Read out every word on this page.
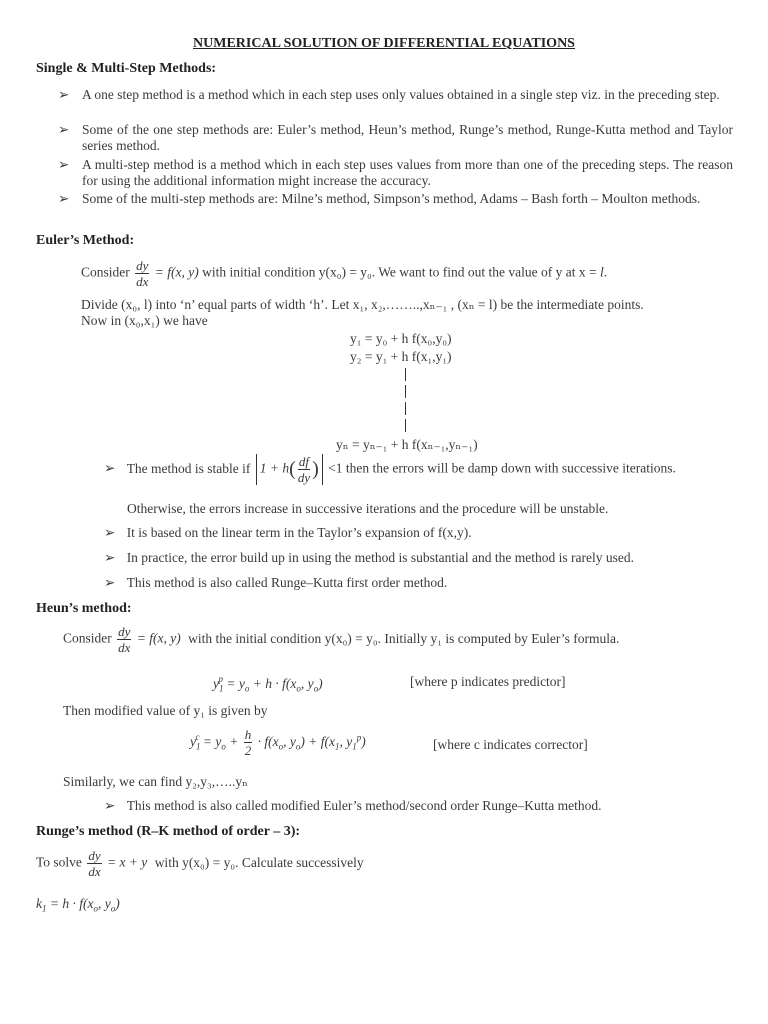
NUMERICAL SOLUTION OF DIFFERENTIAL EQUATIONS
Single & Multi-Step Methods:
➢ A one step method is a method which in each step uses only values obtained in a single step viz. in the preceding step.
➢ Some of the one step methods are: Euler’s method, Heun’s method, Runge’s method, Runge-Kutta method and Taylor series method.
➢ A multi-step method is a method which in each step uses values from more than one of the preceding steps. The reason for using the additional information might increase the accuracy.
➢ Some of the multi-step methods are: Milne’s method, Simpson’s method, Adams – Bash forth – Moulton methods.
Euler’s Method:
Consider $\frac{dy}{dx} = f(x$, y) with initial condition y(x₀) = y₀. We want to find out the value of y at x = l.
Divide (x₀, l) into ‘n’ equal parts of width ‘h’. Let x₁, x₂,……..,xₙ₋₁ , (xₙ = l) be the intermediate points.
Now in (x₀,x₁) we have
y₁ = y₀ + h f(x₀,y₀)
y₂ = y₁ + h f(x₁,y₁)
yₙ = yₙ₋₁ + h f(xₙ₋₁,yₙ₋₁)
➢ The method is stable if $1 + h( \frac{df}{dy}$ ) <1 then the errors will be damp down with successive iterations.
Otherwise, the errors increase in successive iterations and the procedure will be unstable.
➢ It is based on the linear term in the Taylor’s expansion of f(x,y).
➢ In practice, the error build up in using the method is substantial and the method is rarely used.
➢ This method is also called Runge–Kutta first order method.
Heun’s method:
Consider $\frac{dy}{dx} = f(x$, y) with the initial condition y(x₀) = y₀. Initially y₁ is computed by Euler’s formula.
$y_1^p = y_o + h \cdot f(x_o$, $y_o$)	[where p indicates predictor]
Then modified value of y₁ is given by
$y_1^c = y_o + \frac{h}{2} \cdot f(x_o$, $y_o) + f(x_1$, $y_1^p$)	[where c indicates corrector]
Similarly, we can find y₂,y₃,…..yₙ
➢ This method is also called modified Euler’s method/second order Runge–Kutta method.
Runge’s method (R–K method of order – 3):
To solve $\frac{dy}{dx} = x + y$ with y(x₀) = y₀. Calculate successively
$k_1 = h \cdot f(x_o$, $y_o$)
